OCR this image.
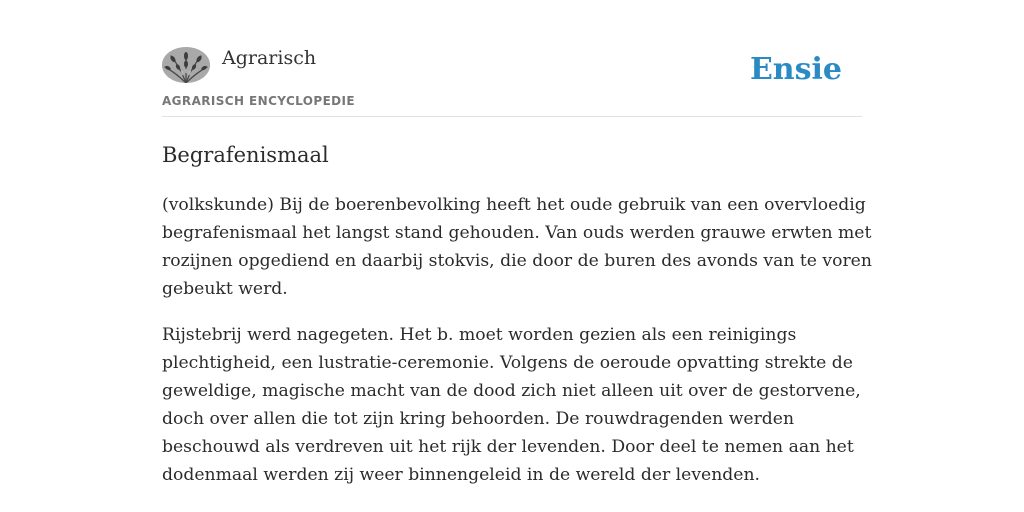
Agrarisch
AGRARISCH ENCYCLOPEDIE
Ensie
Begrafenismaal

(volkskunde) Bij de boerenbevolking heeft het oude gebruik van een overvloedig
begrafenismaal het langst stand gehouden. Van ouds werden grauwe erwten met
rozijnen opgediend en daarbij stokvis, die door de buren des avonds van te voren
gebeukt werd.

Rijstebrij werd nagegeten. Het b. moet worden gezien als een reinigings
plechtigheid, een lustratie-ceremonie. Volgens de oeroude opvatting strekte de
geweldige, magische macht van de dood zich niet alleen uit over de gestorvene,
doch over allen die tot zijn kring behoorden. De rouwdragenden werden
beschouwd als verdreven uit het rijk der levenden. Door deel te nemen aan het
dodenmaal werden zij weer binnengeleid in de wereld der levenden.
